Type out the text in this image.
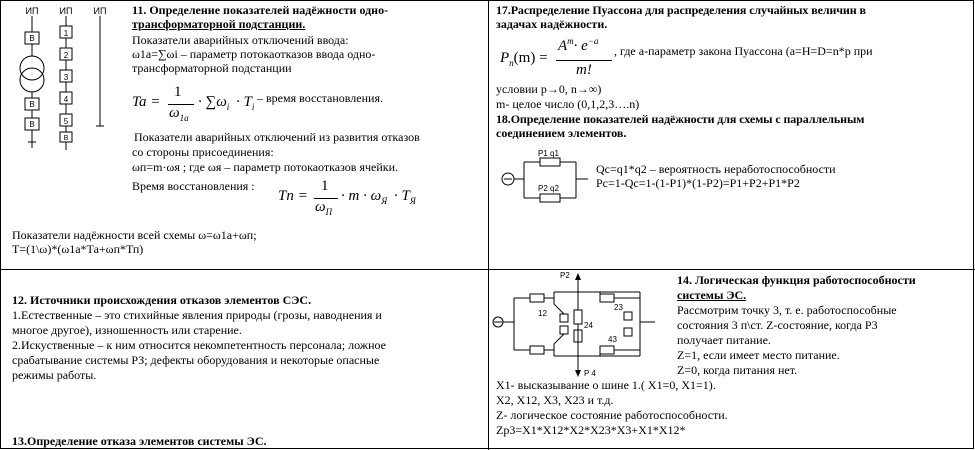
ИП ИП ИП
В
В
В
1
2
3
4
5
В
11. Определение показателей надёжности одно-
трансформаторной подстанции.
Показатели аварийных отключений ввода:
ω1а=∑ωi – параметр потокаотказов ввода одно-
трансформаторной подстанции
Ta =
1
$\omega_{1a}$
· $\sum\omega_i \cdot T_i$
– время восстановления.
Показатели аварийных отключений из развития отказов
со стороны присоединения:
ωп=m·ωя ; где ωя – параметр потокаотказов ячейки.
Время восстановления :
Tn =
1
$\omega_П$
· $m \cdot \omega_Я \cdot T_Я$
Показатели надёжности всей схемы ω=ω1а+ωп;
T=(1\ω)*(ω1а*Та+ωп*Тп)
17.Распределение Пуассона для распределения случайных величин в
задачах надёжности.
$P_n(m)$ =
$A^m\cdot e^{-a}$
m!
, где а-параметр закона Пуассона (а=Н=D=n*p при
условии p→0, n→∞)
m- целое число (0,1,2,3….n)
18.Определение показателей надёжности для схемы с параллельным
соединением элементов.
P1 q1
P2 q2
Qc=q1*q2 – вероятность неработоспособности
Pc=1-Qc=1-(1-P1)*(1-P2)=P1+P2+P1*P2
12. Источники происхождения отказов элементов СЭС.
1.Естественные – это стихийные явления природы (грозы, наводнения и
многое другое), изношенность или старение.
2.Искуственные – к ним относится некомпетентность персонала; ложное
срабатывание системы РЗ; дефекты оборудования и некоторые опасные
режимы работы.
13.Определение отказа элементов системы ЭС.
P2
P 4
12
24
23
43
14. Логическая функция работоспособности
системы ЭС.
Рассмотрим точку 3, т. е. работоспособные
состояния 3 п\ст. Z-состояние, когда Р3
получает питание.
Z=1, если имеет место питание.
Z=0, когда питания нет.
Х1- высказывание о шине 1.( Х1=0, Х1=1).
Х2, Х12, Х3, Х23 и т.д.
Z- логическое состояние работоспособности.
Zp3=X1*X12*X2*X23*X3+X1*X12*
